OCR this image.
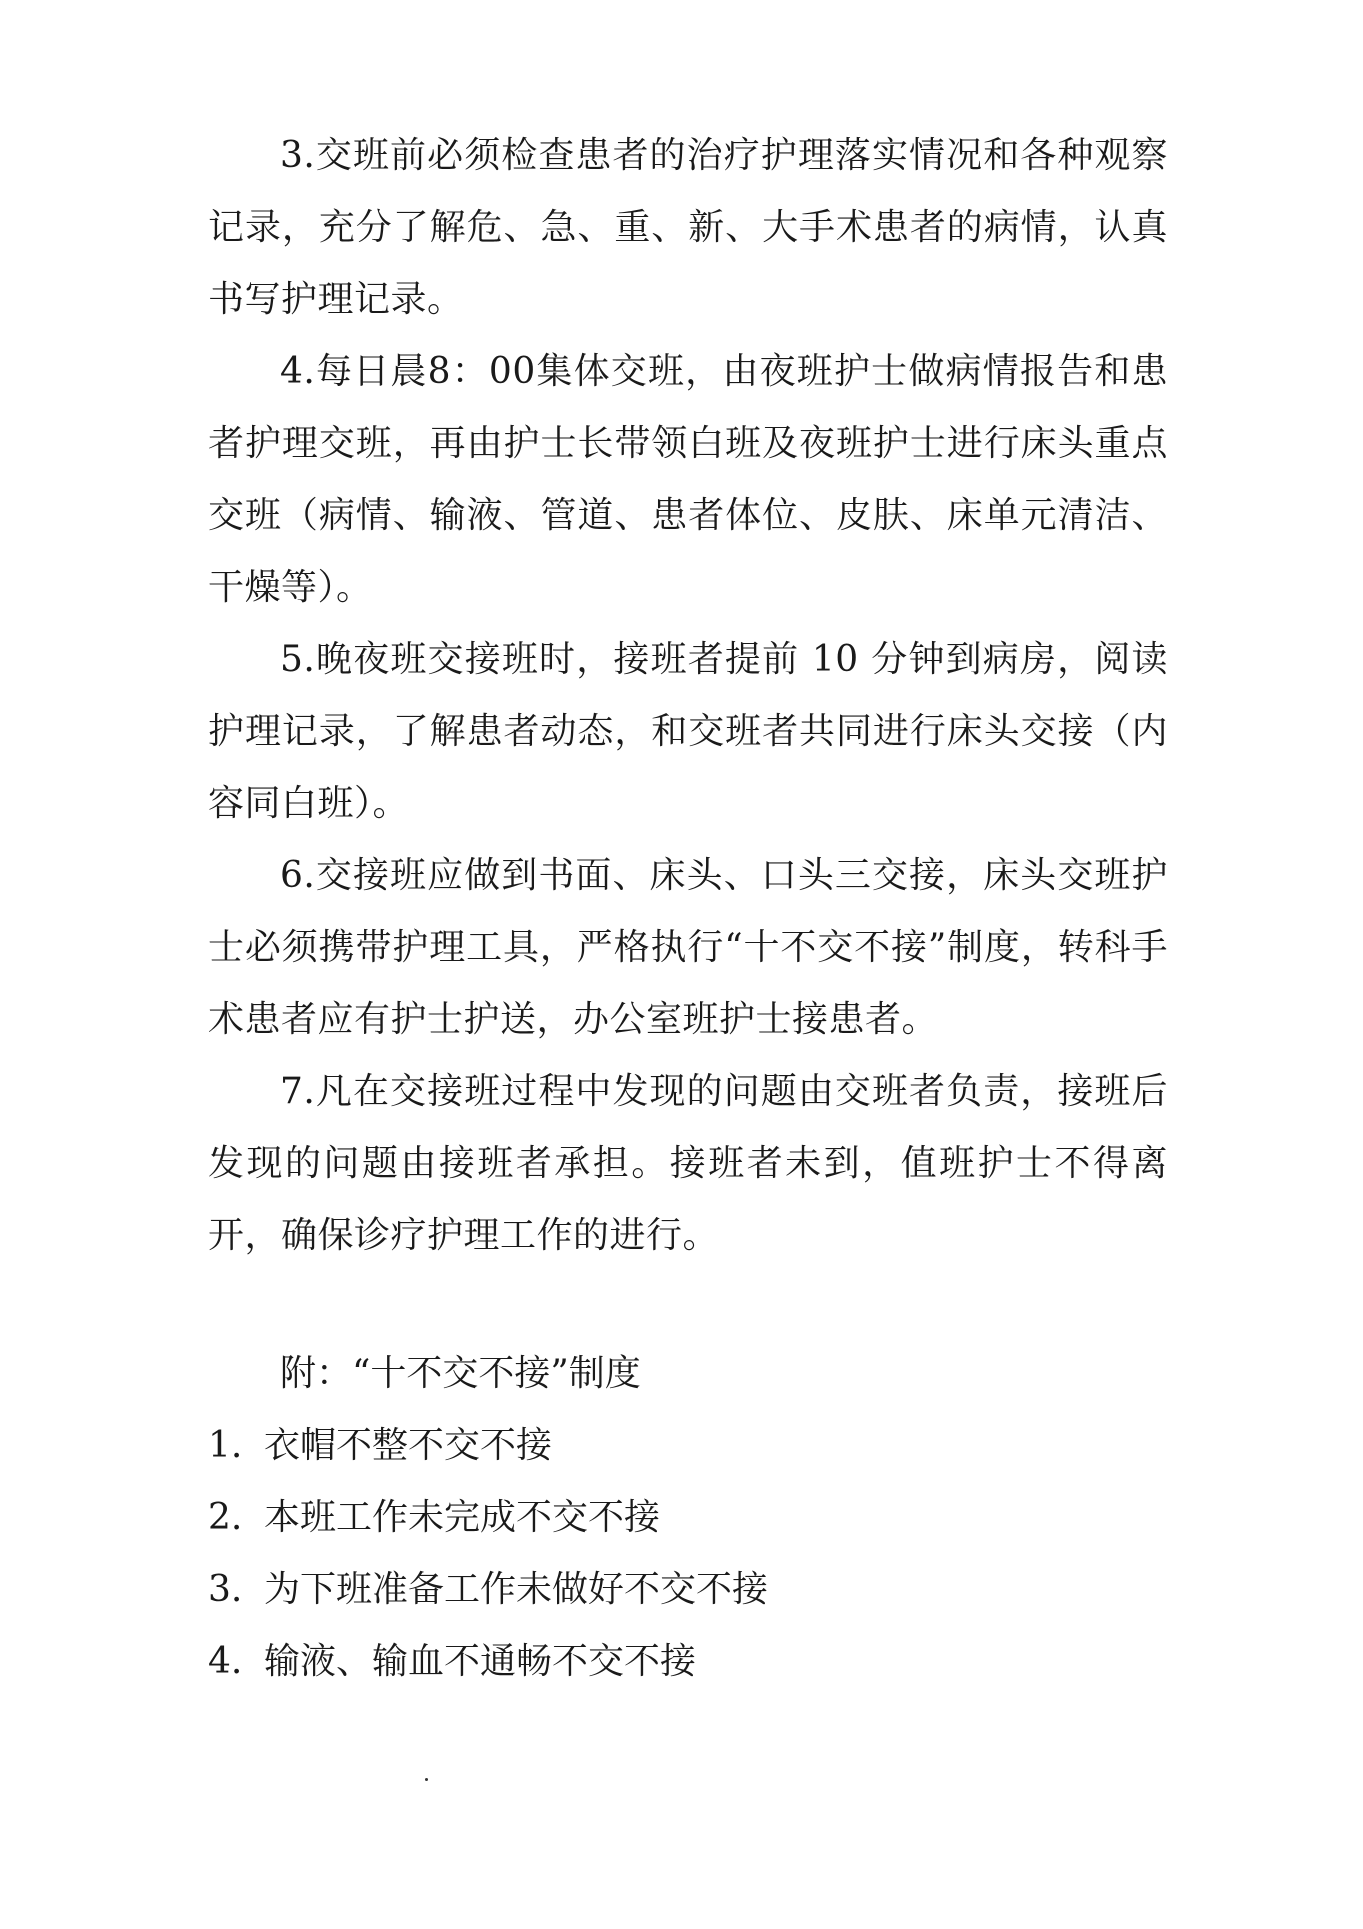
3.交班前必须检查患者的治疗护理落实情况和各种观察记录，充分了解危、急、重、新、大手术患者的病情，认真书写护理记录。

4.每日晨8：00集体交班，由夜班护士做病情报告和患者护理交班，再由护士长带领白班及夜班护士进行床头重点交班（病情、输液、管道、患者体位、皮肤、床单元清洁、干燥等）。

5.晚夜班交接班时，接班者提前 10 分钟到病房，阅读护理记录，了解患者动态，和交班者共同进行床头交接（内容同白班）。

6.交接班应做到书面、床头、口头三交接，床头交班护士必须携带护理工具，严格执行“十不交不接”制度，转科手术患者应有护士护送，办公室班护士接患者。

7.凡在交接班过程中发现的问题由交班者负责，接班后发现的问题由接班者承担。接班者未到，值班护士不得离开，确保诊疗护理工作的进行。

附：“十不交不接”制度

1. 衣帽不整不交不接
2. 本班工作未完成不交不接
3. 为下班准备工作未做好不交不接
4. 输液、输血不通畅不交不接
